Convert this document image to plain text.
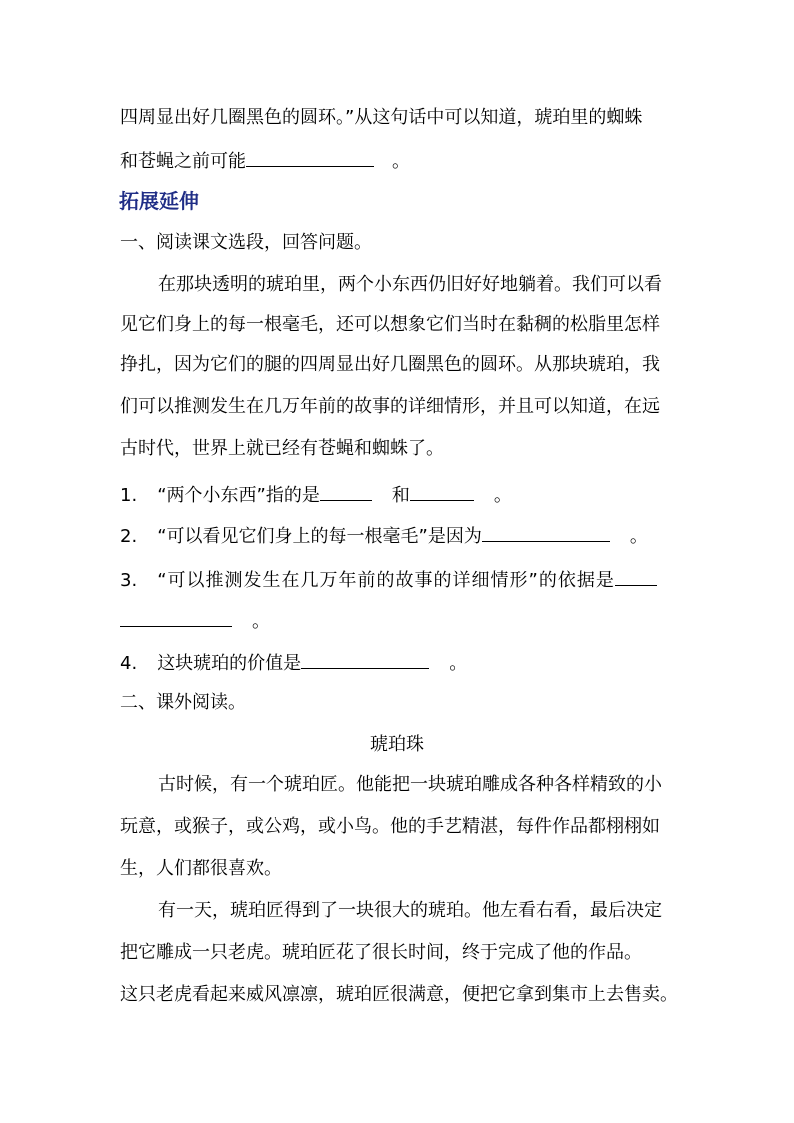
四周显出好几圈黑色的圆环。”从这句话中可以知道，琥珀里的蜘蛛
和苍蝇之前可能	。
拓展延伸
一、阅读课文选段，回答问题。
在那块透明的琥珀里，两个小东西仍旧好好地躺着。我们可以看
见它们身上的每一根毫毛，还可以想象它们当时在黏稠的松脂里怎样
挣扎，因为它们的腿的四周显出好几圈黑色的圆环。从那块琥珀，我
们可以推测发生在几万年前的故事的详细情形，并且可以知道，在远
古时代，世界上就已经有苍蝇和蜘蛛了。
1. “两个小东西”指的是	和	。
2. “可以看见它们身上的每一根毫毛”是因为	。
3. “可以推测发生在几万年前的故事的详细情形”的依据是
。
4. 这块琥珀的价值是	。
二、课外阅读。
琥珀珠
古时候，有一个琥珀匠。他能把一块琥珀雕成各种各样精致的小
玩意，或猴子，或公鸡，或小鸟。他的手艺精湛，每件作品都栩栩如
生，人们都很喜欢。
有一天，琥珀匠得到了一块很大的琥珀。他左看右看，最后决定
把它雕成一只老虎。琥珀匠花了很长时间，终于完成了他的作品。
这只老虎看起来威风凛凛，琥珀匠很满意，便把它拿到集市上去售卖。
